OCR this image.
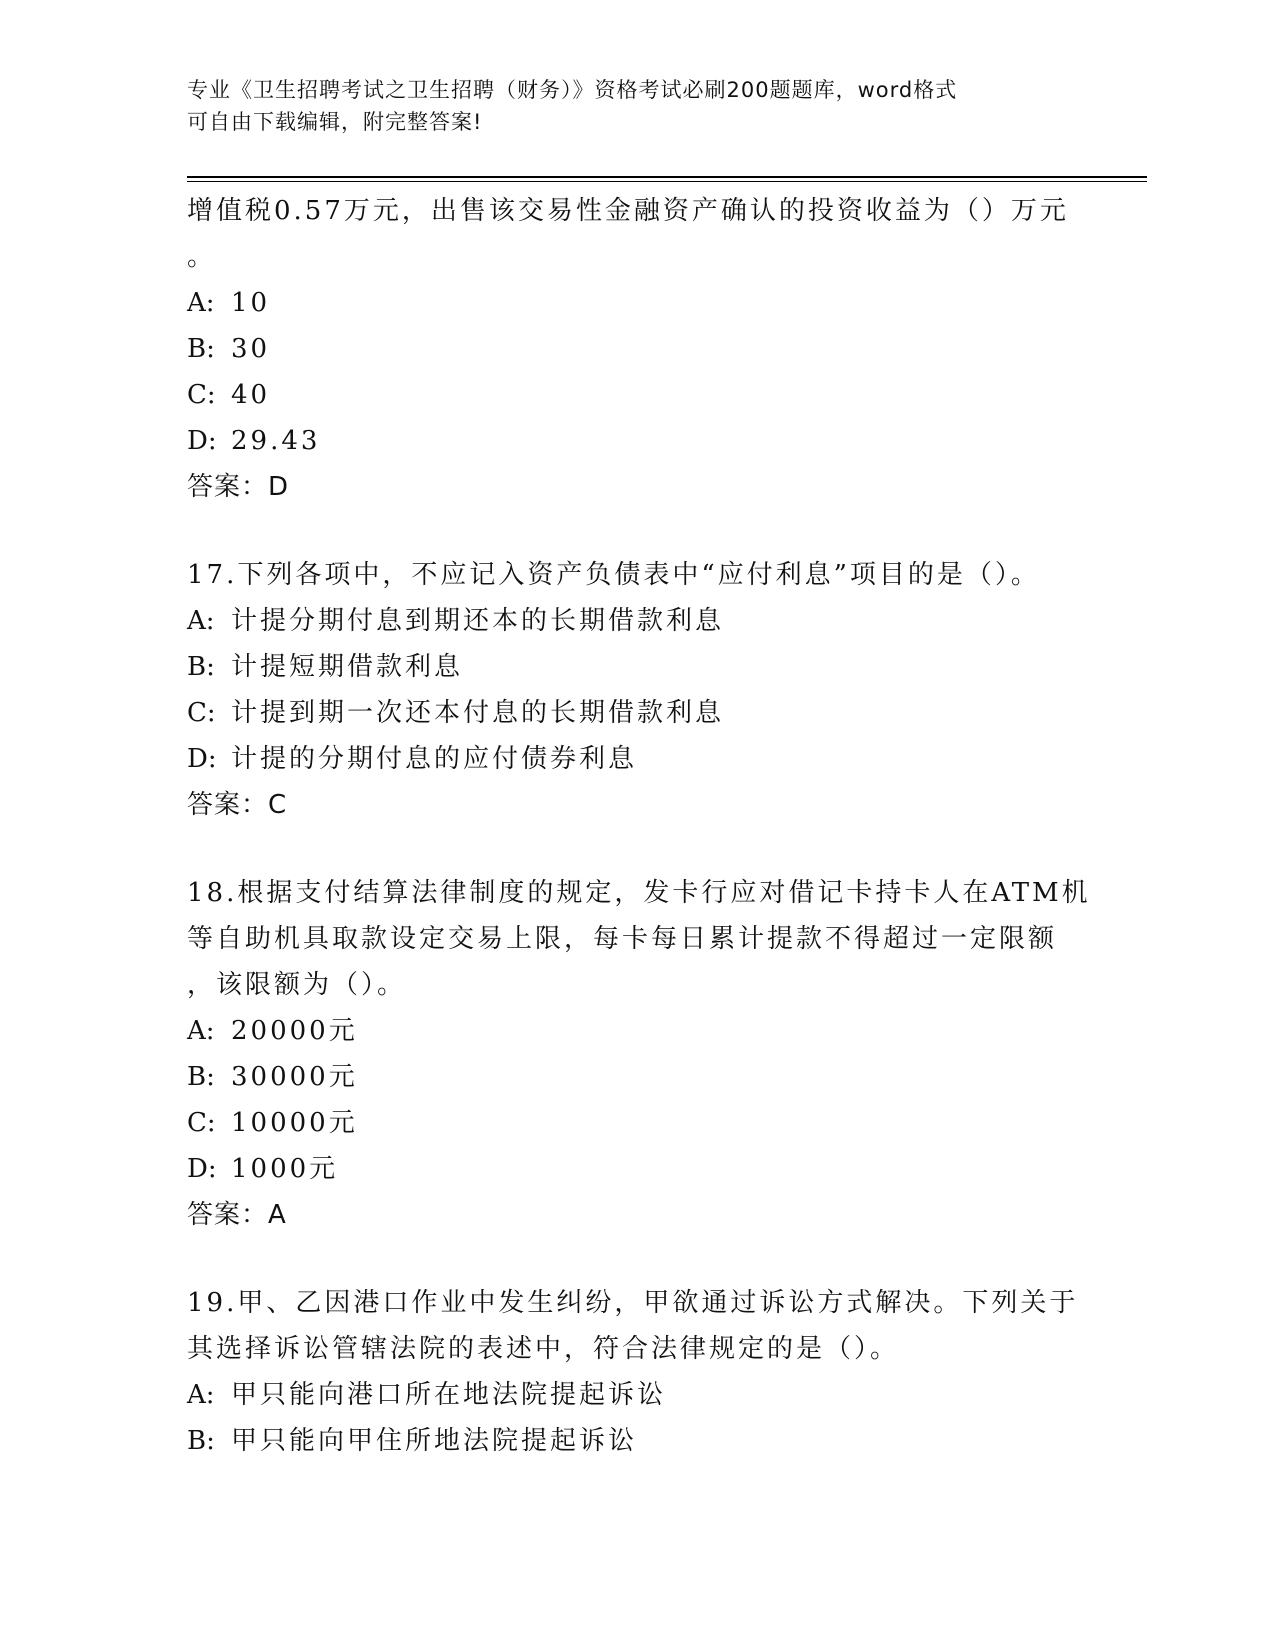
专业《卫生招聘考试之卫生招聘（财务）》资格考试必刷200题题库，word格式
可自由下载编辑，附完整答案!
增值税0.57万元，出售该交易性金融资产确认的投资收益为（）万元
。
A: 10
B: 30
C: 40
D: 29.43
答案：D
17.下列各项中，不应记入资产负债表中“应付利息”项目的是（）。
A: 计提分期付息到期还本的长期借款利息
B: 计提短期借款利息
C: 计提到期一次还本付息的长期借款利息
D: 计提的分期付息的应付债券利息
答案：C
18.根据支付结算法律制度的规定，发卡行应对借记卡持卡人在ATM机
等自助机具取款设定交易上限，每卡每日累计提款不得超过一定限额
，该限额为（）。
A: 20000元
B: 30000元
C: 10000元
D: 1000元
答案：A
19.甲、乙因港口作业中发生纠纷，甲欲通过诉讼方式解决。下列关于
其选择诉讼管辖法院的表述中，符合法律规定的是（）。
A: 甲只能向港口所在地法院提起诉讼
B: 甲只能向甲住所地法院提起诉讼
